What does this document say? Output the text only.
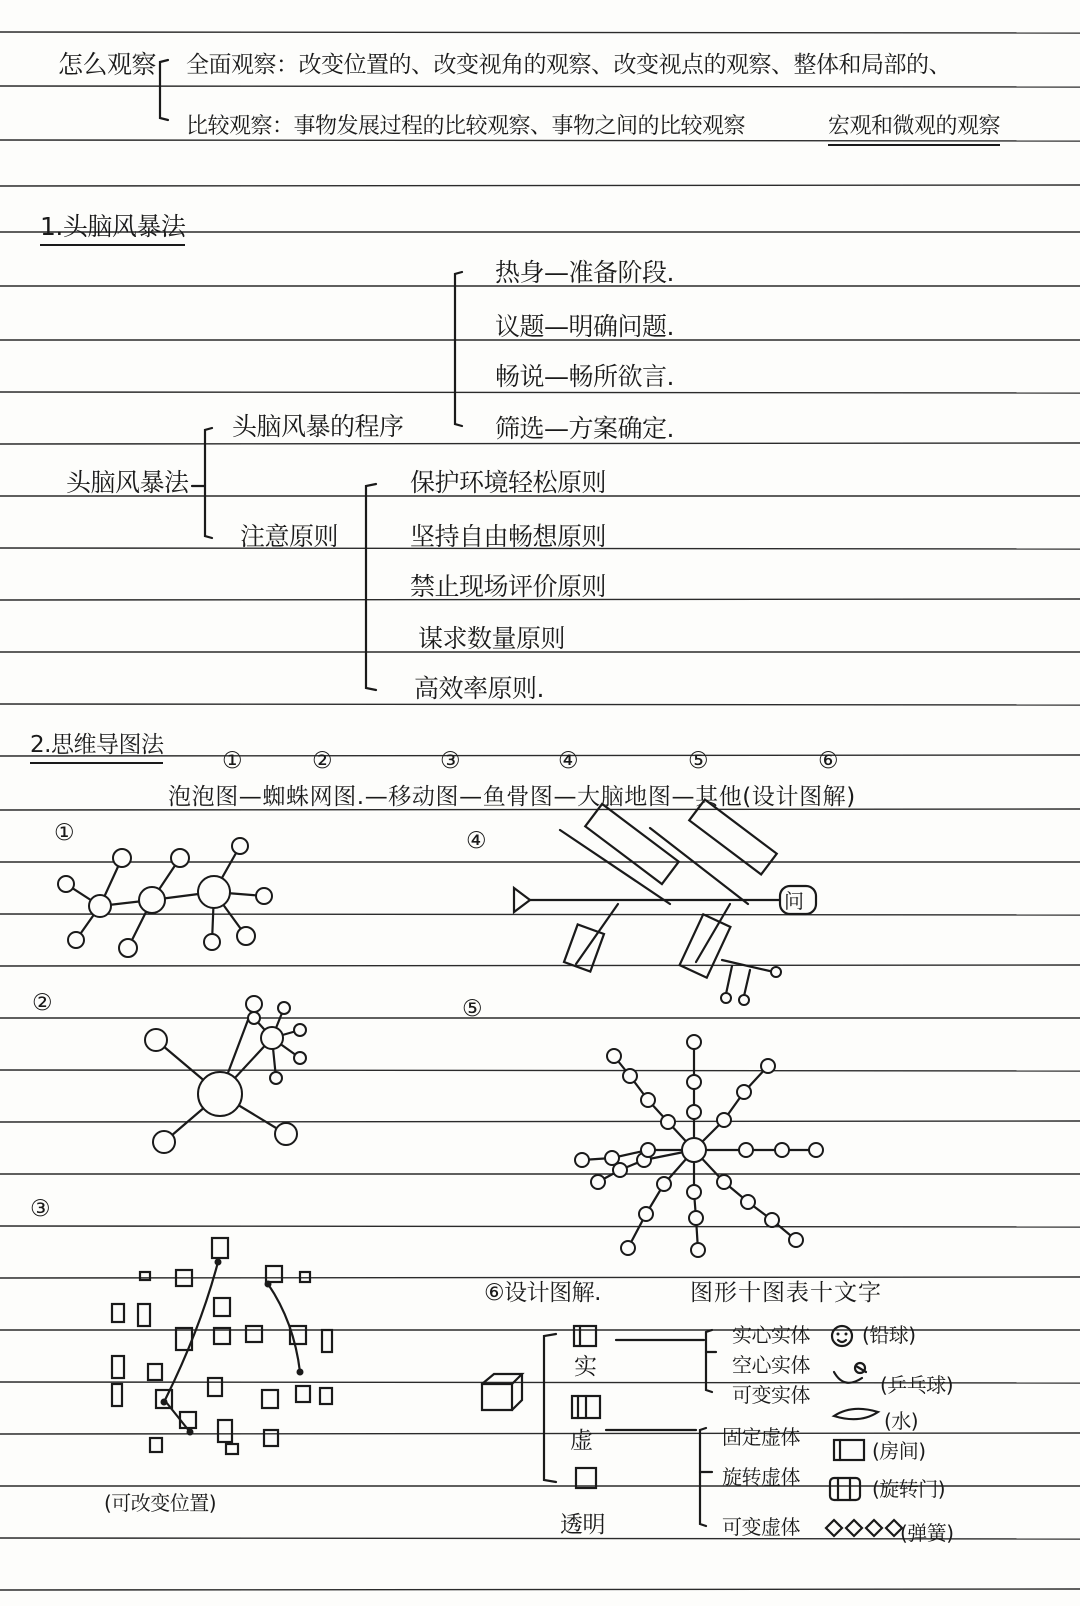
怎么观察 全面观察：改变位置的、改变视角的观察、改变视点的观察、整体和局部的、
比较观察：事物发展过程的比较观察、事物之间的比较观察	宏观和微观的观察
1.头脑风暴法
热身—准备阶段.
议题—明确问题.
畅说—畅所欲言.
筛选—方案确定.
头脑风暴的程序
头脑风暴法
注意原则
保护环境轻松原则
坚持自由畅想原则
禁止现场评价原则
谋求数量原则
高效率原则.
2.思维导图法
①	②	③	④	⑤	⑥
泡泡图—蜘蛛网图.—移动图—鱼骨图—大脑地图—其他(设计图解)
①	④
②	⑤
③
问
(可改变位置)
⑥设计图解.	图形十图表十文字
实
虚
透明
实心实体
空心实体
可变实体
(铅球)
(乒乓球)
(水)
固定虚体
旋转虚体
可变虚体
(房间)
(旋转门)
(弹簧)
